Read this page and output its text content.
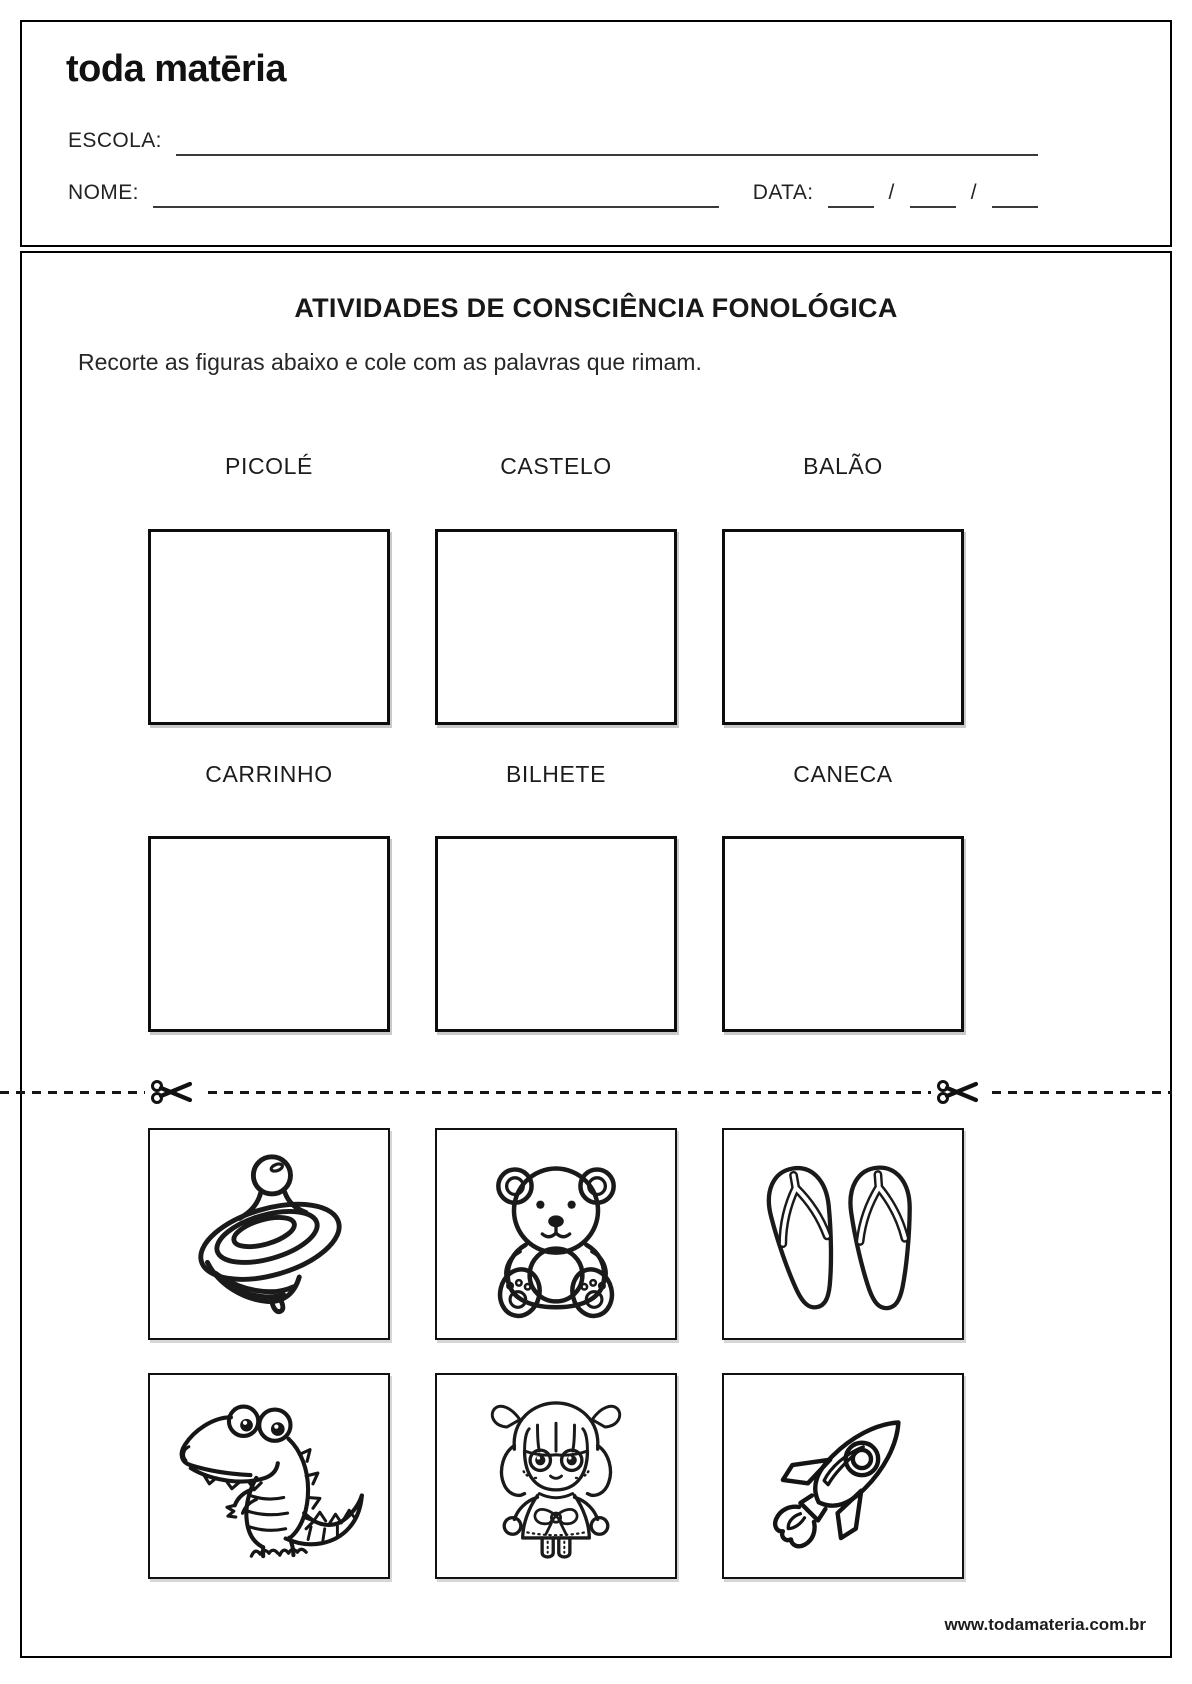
toda matēria
ESCOLA:
NOME:	DATA:	/	/
ATIVIDADES DE CONSCIÊNCIA FONOLÓGICA
Recorte as figuras abaixo e cole com as palavras que rimam.
PICOLÉ	CASTELO	BALÃO
CARRINHO	BILHETE	CANECA
www.todamateria.com.br
